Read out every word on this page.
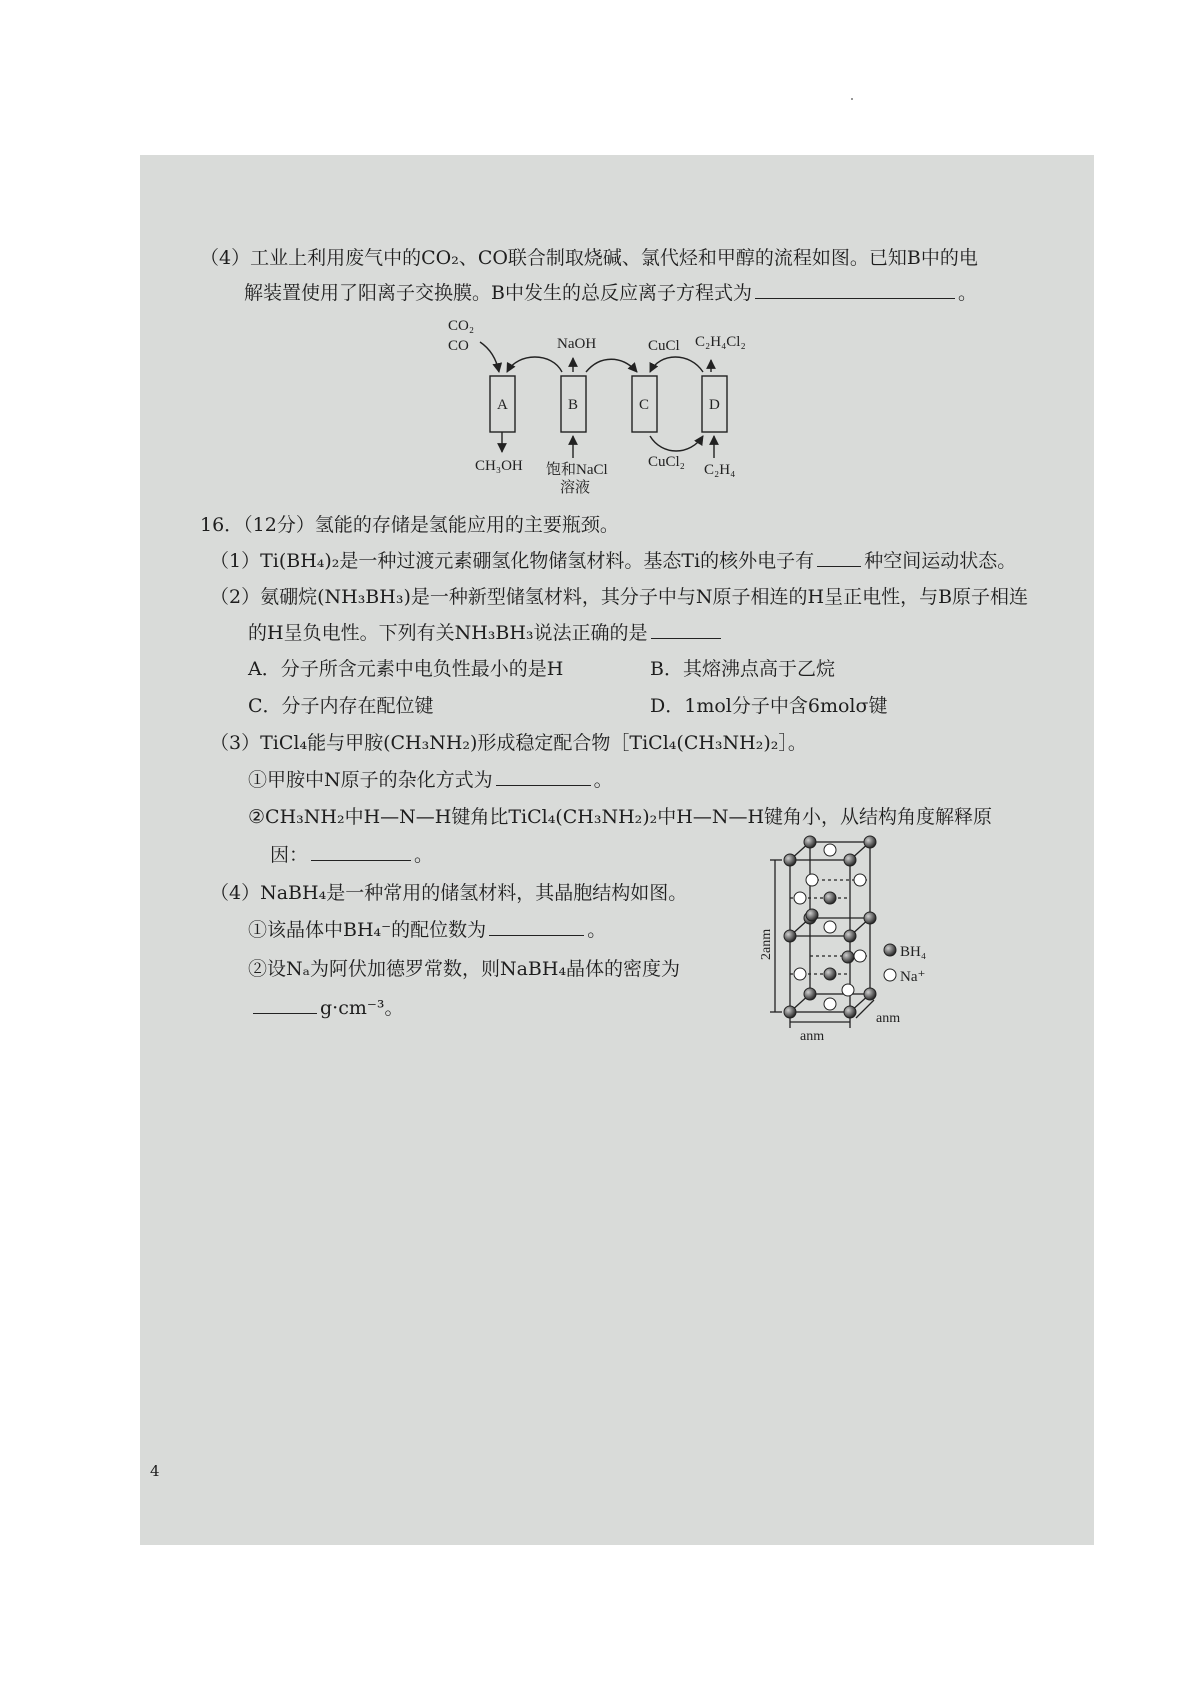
（4）工业上利用废气中的CO₂、CO联合制取烧碱、氯代烃和甲醇的流程如图。已知B中的电
解装置使用了阳离子交换膜。B中发生的总反应离子方程式为	。
CO₂
CO	NaOH	CuCl C₂H₄Cl₂
A	B	C	D
CH₃OH 饱和NaCl
溶液
CuCl₂ C₂H₄
16．（12分）氢能的存储是氢能应用的主要瓶颈。
（1）Ti(BH₄)₂是一种过渡元素硼氢化物储氢材料。基态Ti的核外电子有	种空间运动状态。
（2）氨硼烷(NH₃BH₃)是一种新型储氢材料，其分子中与N原子相连的H呈正电性，与B原子相连
的H呈负电性。下列有关NH₃BH₃说法正确的是
A．分子所含元素中电负性最小的是H	B．其熔沸点高于乙烷
C．分子内存在配位键	D．1mol分子中含6molσ键
（3）TiCl₄能与甲胺(CH₃NH₂)形成稳定配合物［TiCl₄(CH₃NH₂)₂］。
①甲胺中N原子的杂化方式为	。
②CH₃NH₂中H—N—H键角比TiCl₄(CH₃NH₂)₂中H—N—H键角小，从结构角度解释原
因：	。
（4）NaBH₄是一种常用的储氢材料，其晶胞结构如图。
①该晶体中BH₄⁻的配位数为	。
②设Nₐ为阿伏加德罗常数，则NaBH₄晶体的密度为
g·cm⁻³。
BH₄
Na⁺
2anm
anm
anm
4
